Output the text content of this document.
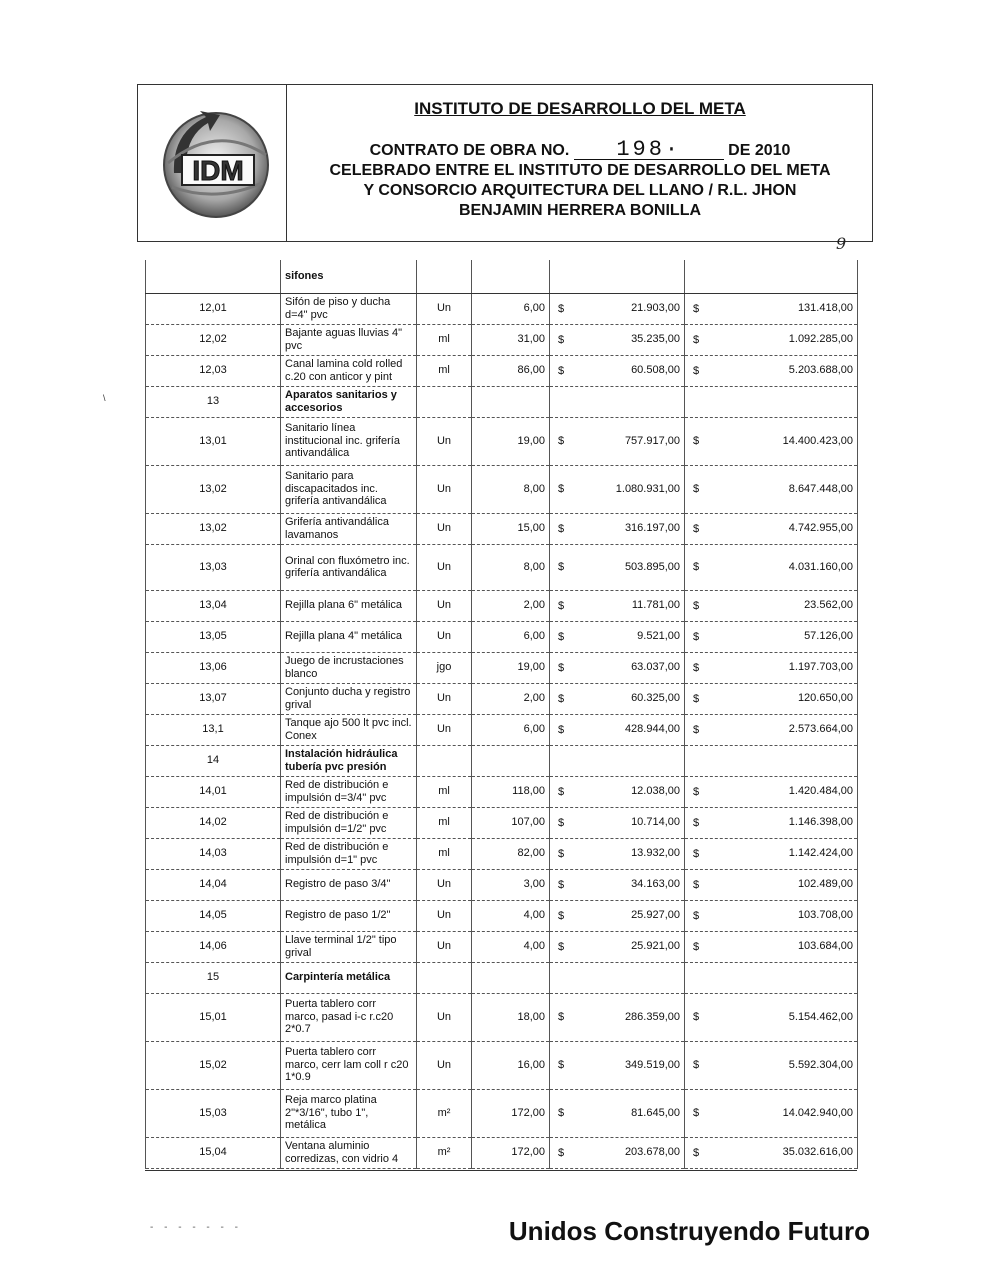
IDM
INSTITUTO DE DESARROLLO DEL META
CONTRATO DE OBRA NO. 198·	DE 2010
CELEBRADO ENTRE EL INSTITUTO DE DESARROLLO DEL META
Y CONSORCIO ARQUITECTURA DEL LLANO / R.L. JHON
BENJAMIN HERRERA BONILLA
9
\
	sifones				
12,01	Sifón de piso y ducha d=4" pvc	Un	6,00	$ 21.903,00	$ 131.418,00

12,02	Bajante aguas lluvias 4" pvc	ml	31,00	$ 35.235,00	$ 1.092.285,00

12,03	Canal lamina cold rolled c.20 con anticor y pint	ml	86,00	$ 60.508,00	$ 5.203.688,00

13	Aparatos sanitarios y accesorios				
13,01	Sanitario línea institucional inc. grifería antivandálica	Un	19,00	$ 757.917,00	$ 14.400.423,00

13,02	Sanitario para discapacitados inc. grifería antivandálica	Un	8,00	$ 1.080.931,00	$ 8.647.448,00

13,02	Grifería antivandálica lavamanos	Un	15,00	$ 316.197,00	$ 4.742.955,00

13,03	Orinal con fluxómetro inc. grifería antivandálica	Un	8,00	$ 503.895,00	$ 4.031.160,00

13,04	Rejilla plana 6" metálica	Un	2,00	$ 11.781,00	$ 23.562,00

13,05	Rejilla plana 4" metálica	Un	6,00	$ 9.521,00	$ 57.126,00

13,06	Juego de incrustaciones blanco	jgo	19,00	$ 63.037,00	$ 1.197.703,00

13,07	Conjunto ducha y registro grival	Un	2,00	$ 60.325,00	$ 120.650,00

13,1	Tanque ajo 500 lt pvc incl. Conex	Un	6,00	$ 428.944,00	$ 2.573.664,00

14	Instalación hidráulica tubería pvc presión				
14,01	Red de distribución e impulsión d=3/4" pvc	ml	118,00	$ 12.038,00	$ 1.420.484,00

14,02	Red de distribución e impulsión d=1/2" pvc	ml	107,00	$ 10.714,00	$ 1.146.398,00

14,03	Red de distribución e impulsión d=1" pvc	ml	82,00	$ 13.932,00	$ 1.142.424,00

14,04	Registro de paso 3/4"	Un	3,00	$ 34.163,00	$ 102.489,00

14,05	Registro de paso 1/2"	Un	4,00	$ 25.927,00	$ 103.708,00

14,06	Llave terminal 1/2" tipo grival	Un	4,00	$ 25.921,00	$ 103.684,00

15	Carpintería metálica				
15,01	Puerta tablero corr marco, pasad i-c r.c20 2*0.7	Un	18,00	$ 286.359,00	$ 5.154.462,00

15,02	Puerta tablero corr marco, cerr lam coll r c20 1*0.9	Un	16,00	$ 349.519,00	$ 5.592.304,00

15,03	Reja marco platina 2"*3/16", tubo 1", metálica	m²	172,00	$ 81.645,00	$ 14.042.940,00

15,04	Ventana aluminio corredizas, con vidrio 4	m²	172,00	$ 203.678,00	$ 35.032.616,00
- - - - - - -	Unidos Construyendo Futuro
